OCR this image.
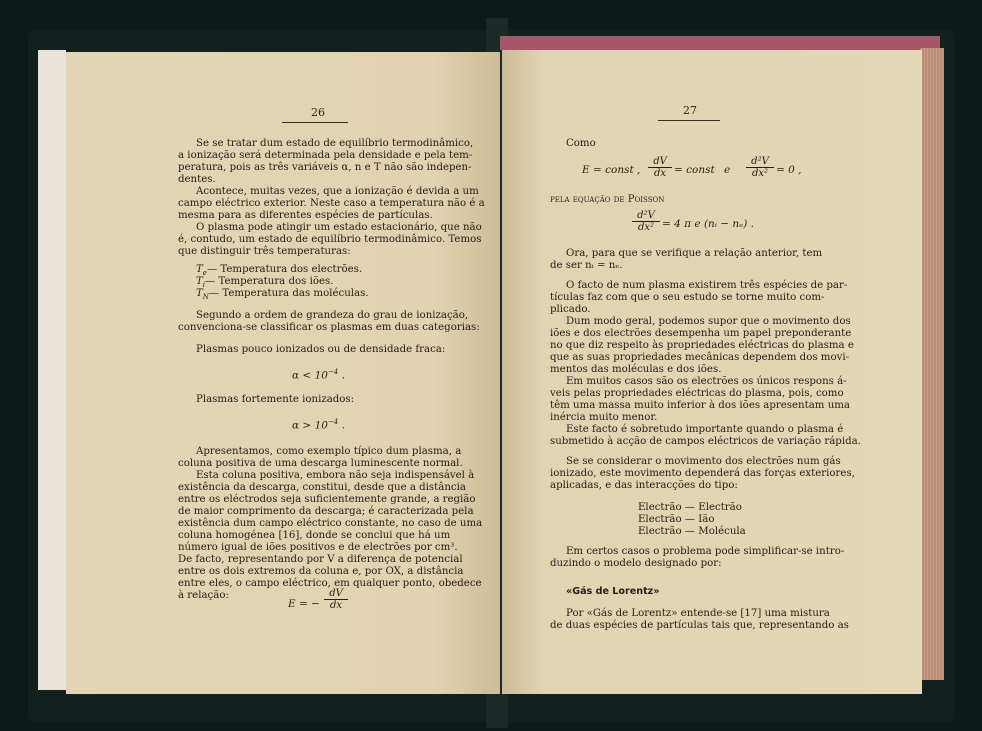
26
Se se tratar dum estado de equilíbrio termodinâmico,
a ionização será determinada pela densidade e pela tem-
peratura, pois as três variáveis α, n e T não são indepen-
dentes.
Acontece, muitas vezes, que a ionização é devida a um
campo eléctrico exterior. Neste caso a temperatura não é a
mesma para as diferentes espécies de partículas.
O plasma pode atingir um estado estacionário, que não
é, contudo, um estado de equilíbrio termodinâmico. Temos
que distinguir três temperaturas:
$T_e—$ Temperatura dos electrões.
$T_i—$ Temperatura dos iões.
$T_N—$ Temperatura das moléculas.
Segundo a ordem de grandeza do grau de ionização,
convenciona-se classificar os plasmas em duas categorias:
Plasmas pouco ionizados ou de densidade fraca:
$\alpha < 10^{-4}$ .
Plasmas fortemente ionizados:
$\alpha > 10^{-4}$ .
Apresentamos, como exemplo típico dum plasma, a
coluna positiva de uma descarga luminescente normal.
Esta coluna positiva, embora não seja indispensável à
existência da descarga, constitui, desde que a distância
entre os eléctrodos seja suficientemente grande, a região
de maior comprimento da descarga; é caracterizada pela
existência dum campo eléctrico constante, no caso de uma
coluna homogénea [16], donde se conclui que há um
número igual de iões positivos e de electrões por cm³.
De facto, representando por V a diferença de potencial
entre os dois extremos da coluna e, por OX, a distância
entre eles, o campo eléctrico, em qualquer ponto, obedece
à relação:
E = − $\frac{dV}{dx}$
27
Como
E = const , $\frac{dV}{dx}$ = const e $\frac{\text{d²V}}{\text{dx²}} = 0$ ,
pela equação de Poisson
$\frac{\text{d²V}}{\text{dx²}} = 4$ π e (nᵢ − nₑ) .
Ora, para que se verifique a relação anterior, tem
de ser nᵢ = nₑ.
O facto de num plasma existirem três espécies de par-
tículas faz com que o seu estudo se torne muito com-
plicado.
Dum modo geral, podemos supor que o movimento dos
iões e dos electrões desempenha um papel preponderante
no que diz respeito às propriedades eléctricas do plasma e
que as suas propriedades mecânicas dependem dos movi-
mentos das moléculas e dos iões.
Em muitos casos são os electrões os únicos respons á-
veis pelas propriedades eléctricas do plasma, pois, como
têm uma massa muito inferior à dos iões apresentam uma
inércia muito menor.
Este facto é sobretudo importante quando o plasma é
submetido à acção de campos eléctricos de variação rápida.
Se se considerar o movimento dos electrões num gás
ionizado, este movimento dependerá das forças exteriores,
aplicadas, e das interacções do tipo:
Electrão — Electrão
Electrão — Ião
Electrão — Molécula
Em certos casos o problema pode simplificar-se intro-
duzindo o modelo designado por:
«Gás de Lorentz»
Por «Gás de Lorentz» entende-se [17] uma mistura
de duas espécies de partículas tais que, representando as
